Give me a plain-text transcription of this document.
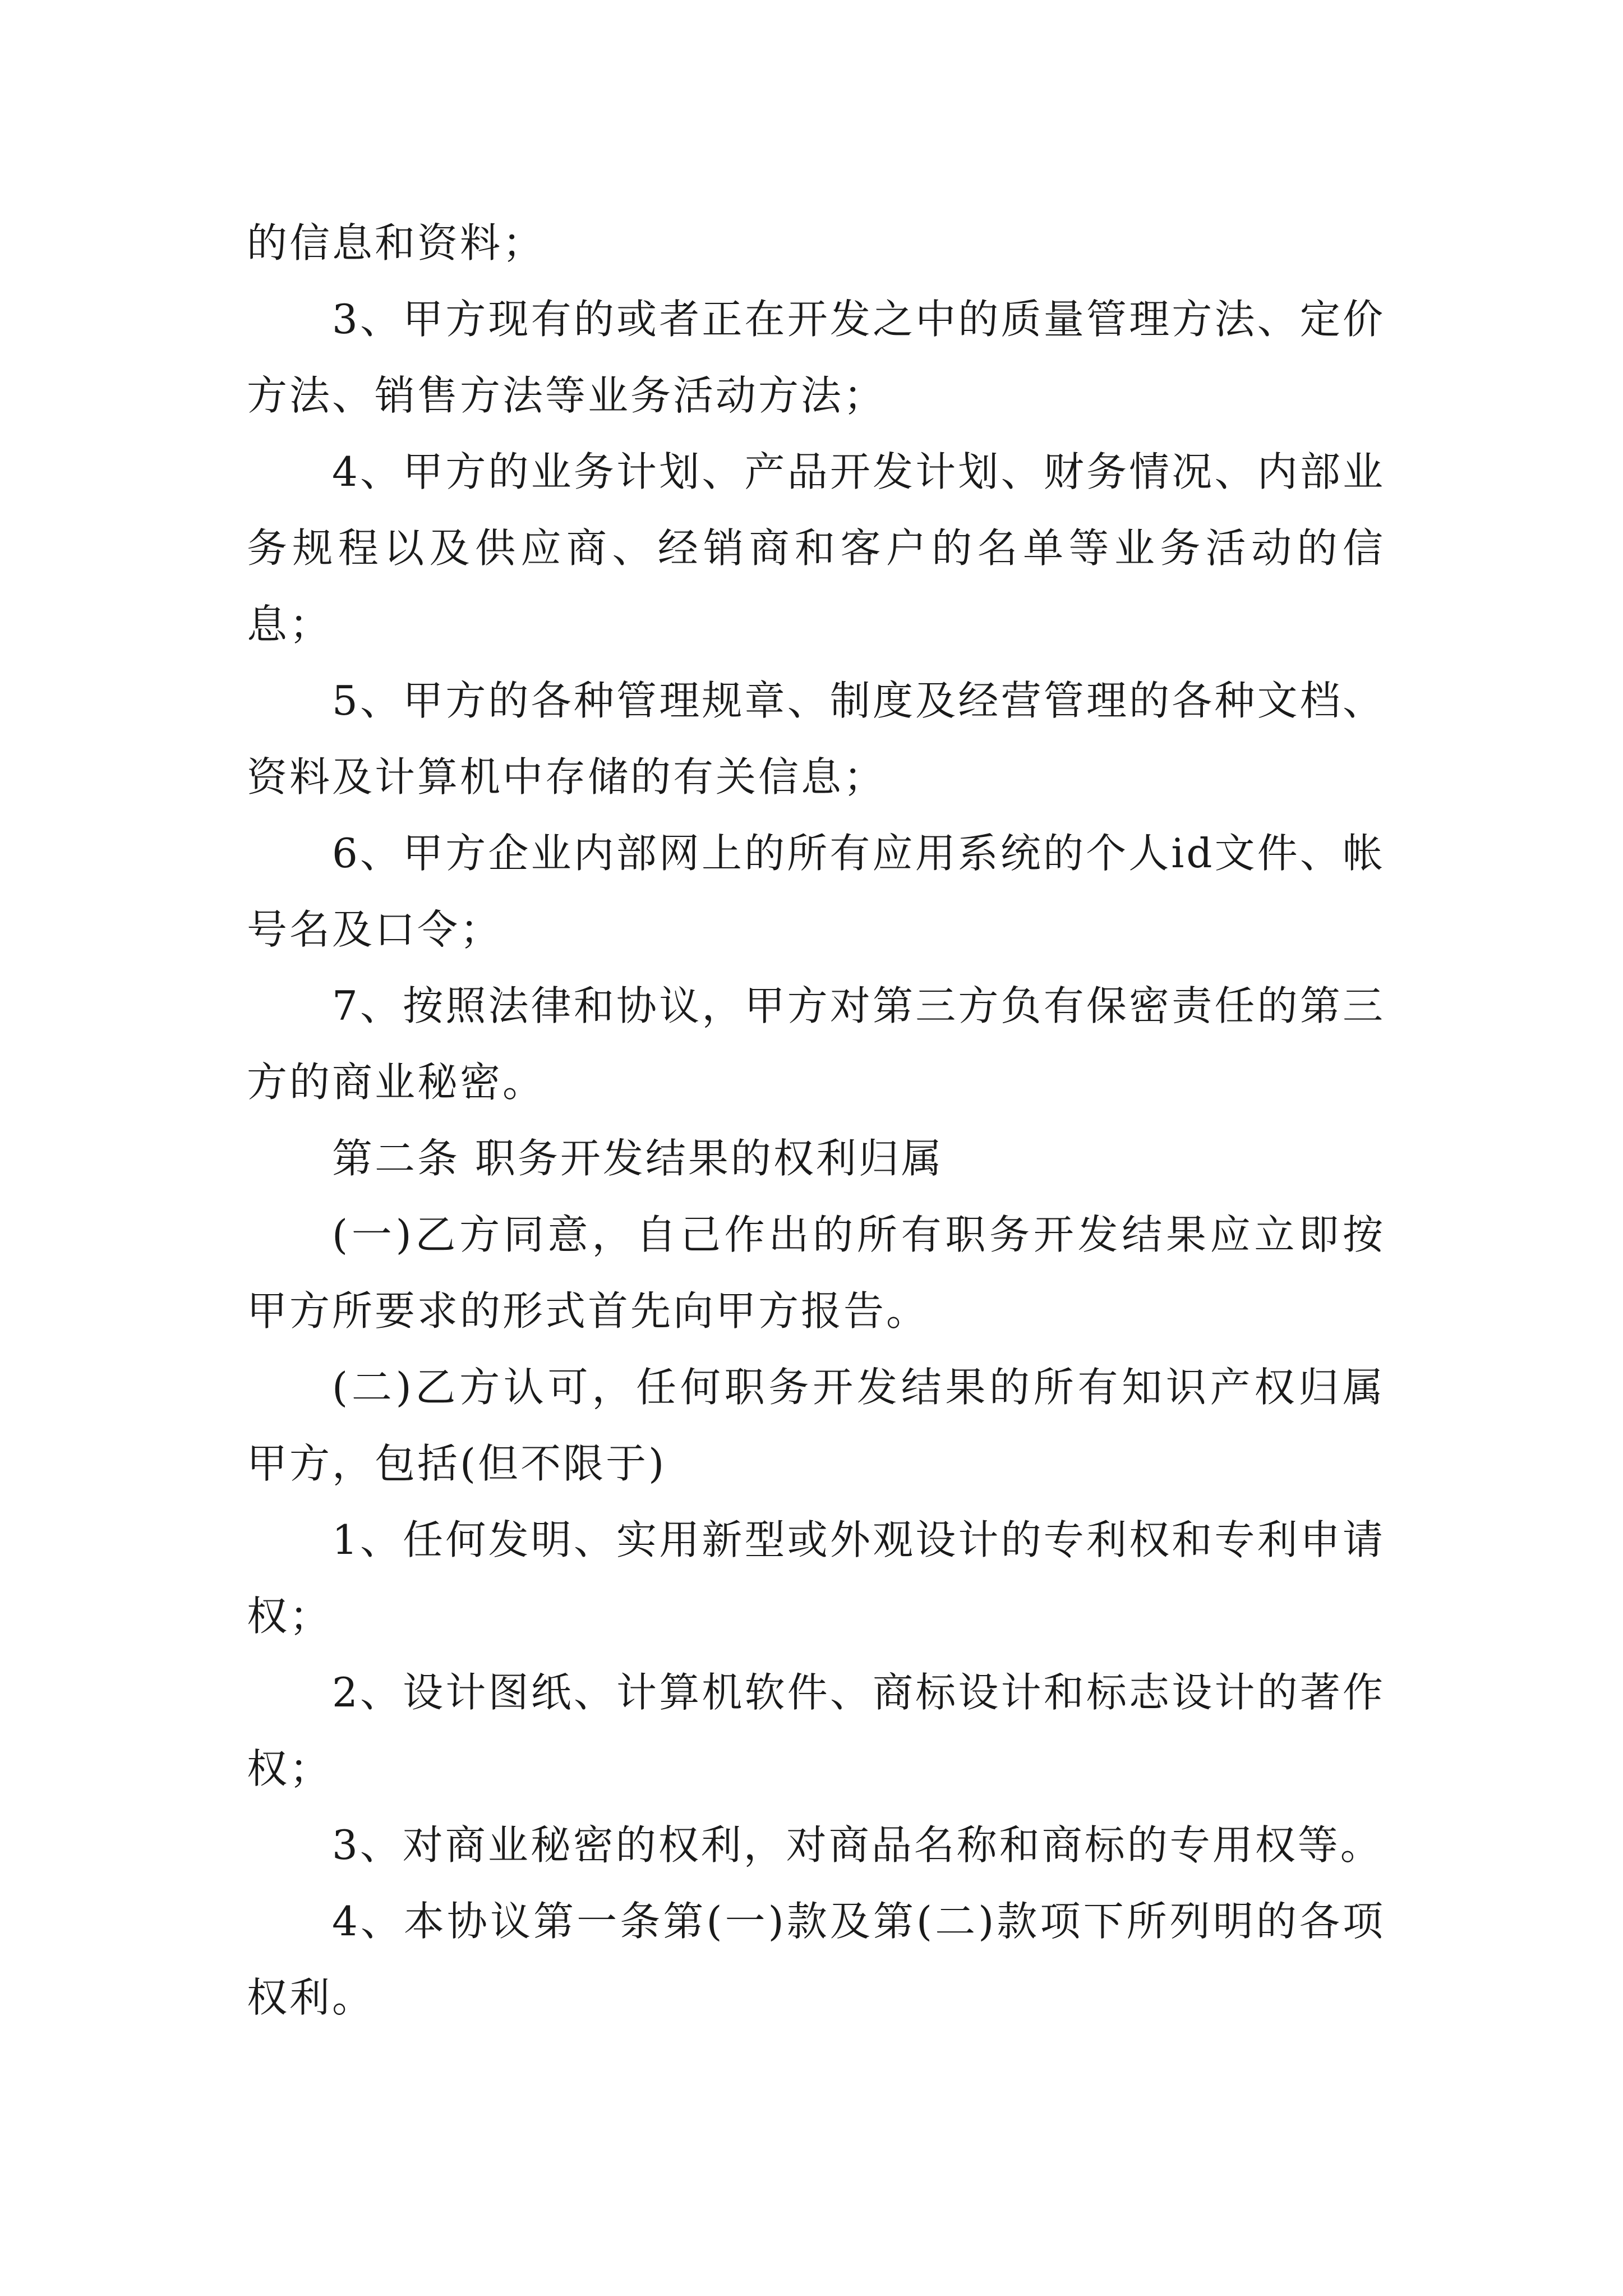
的信息和资料；

3、甲方现有的或者正在开发之中的质量管理方法、定价方法、销售方法等业务活动方法；

4、甲方的业务计划、产品开发计划、财务情况、内部业务规程以及供应商、经销商和客户的名单等业务活动的信息；

5、甲方的各种管理规章、制度及经营管理的各种文档、资料及计算机中存储的有关信息；

6、甲方企业内部网上的所有应用系统的个人id文件、帐号名及口令；

7、按照法律和协议，甲方对第三方负有保密责任的第三方的商业秘密。

第二条 职务开发结果的权利归属

(一)乙方同意，自己作出的所有职务开发结果应立即按甲方所要求的形式首先向甲方报告。

(二)乙方认可，任何职务开发结果的所有知识产权归属甲方，包括(但不限于)

1、任何发明、实用新型或外观设计的专利权和专利申请权；

2、设计图纸、计算机软件、商标设计和标志设计的著作权；

3、对商业秘密的权利，对商品名称和商标的专用权等。

4、本协议第一条第(一)款及第(二)款项下所列明的各项权利。
